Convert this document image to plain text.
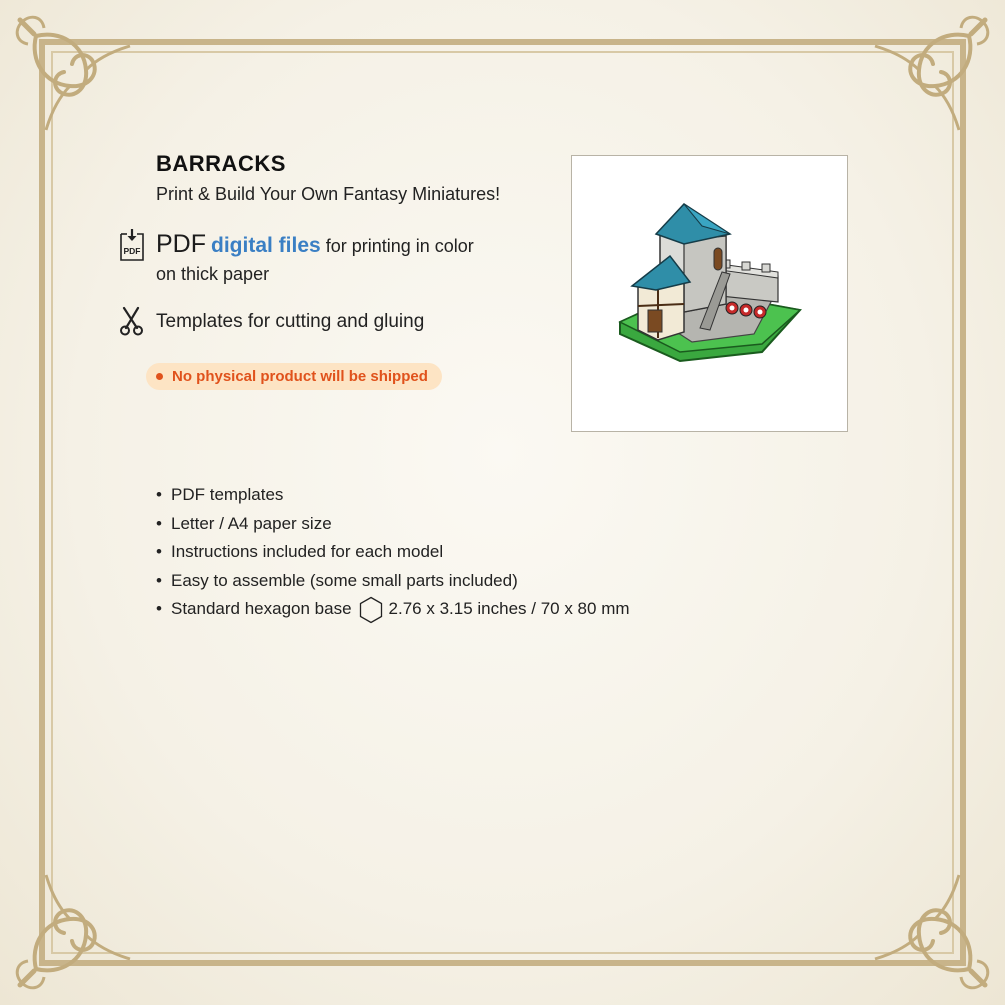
BARRACKS
Print & Build Your Own Fantasy Miniatures!
PDF PDF digital files for printing in color
on thick paper
Templates for cutting and gluing
No physical product will be shipped
• PDF templates
• Letter / A4 paper size
• Instructions included for each model
• Easy to assemble (some small parts included)
• Standard hexagon base 2.76 x 3.15 inches / 70 x 80 mm
